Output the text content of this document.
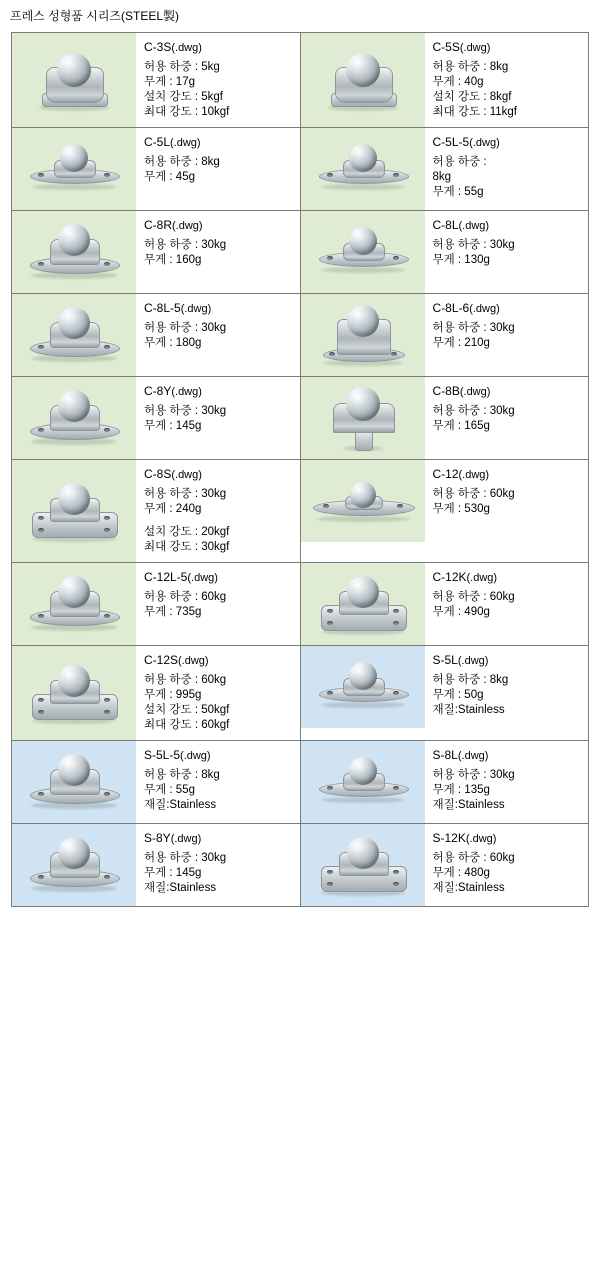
프레스 성형품 시리즈(STEEL製)
C-3S(.dwg)
허용 하중 : 5kg
무게 : 17g
설치 강도 : 5kgf
최대 강도 : 10kgf

C-5S(.dwg)
허용 하중 : 8kg
무게 : 40g
설치 강도 : 8kgf
최대 강도 : 11kgf

C-5L(.dwg)
허용 하중 : 8kg
무게 : 45g

C-5L-5(.dwg)
허용 하중 :
8kg
무게 : 55g

C-8R(.dwg)
허용 하중 : 30kg
무게 : 160g

C-8L(.dwg)
허용 하중 : 30kg
무게 : 130g

C-8L-5(.dwg)
허용 하중 : 30kg
무게 : 180g

C-8L-6(.dwg)
허용 하중 : 30kg
무게 : 210g

C-8Y(.dwg)
허용 하중 : 30kg
무게 : 145g

C-8B(.dwg)
허용 하중 : 30kg
무게 : 165g

C-8S(.dwg)
허용 하중 : 30kg
무게 : 240g
설치 강도 : 20kgf
최대 강도 : 30kgf

C-12(.dwg)
허용 하중 : 60kg
무게 : 530g

C-12L-5(.dwg)
허용 하중 : 60kg
무게 : 735g

C-12K(.dwg)
허용 하중 : 60kg
무게 : 490g

C-12S(.dwg)
허용 하중 : 60kg
무게 : 995g
설치 강도 : 50kgf
최대 강도 : 60kgf

S-5L(.dwg)
허용 하중 : 8kg
무게 : 50g
재질:Stainless

S-5L-5(.dwg)
허용 하중 : 8kg
무게 : 55g
재질:Stainless

S-8L(.dwg)
허용 하중 : 30kg
무게 : 135g
재질:Stainless

S-8Y(.dwg)
허용 하중 : 30kg
무게 : 145g
재질:Stainless

S-12K(.dwg)
허용 하중 : 60kg
무게 : 480g
재질:Stainless
